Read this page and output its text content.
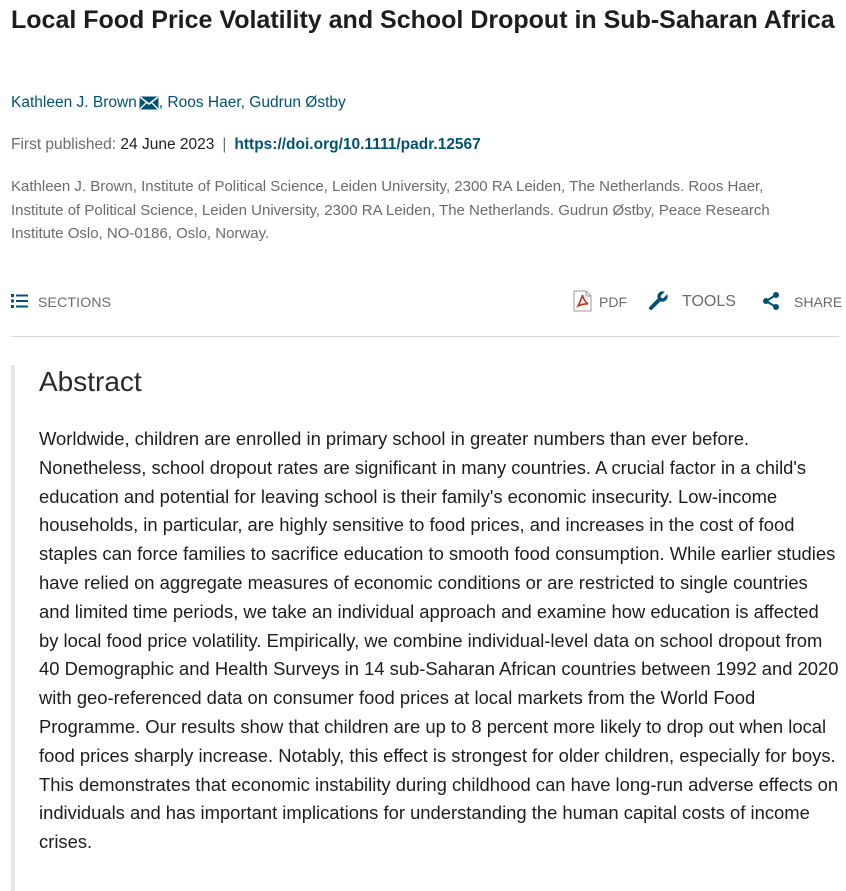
Local Food Price Volatility and School Dropout in Sub-Saharan Africa
Kathleen J. Brown , Roos Haer, Gudrun Østby
First published: 24 June 2023 | https://doi.org/10.1111/padr.12567

Kathleen J. Brown, Institute of Political Science, Leiden University, 2300 RA Leiden, The Netherlands. Roos Haer, Institute of Political Science, Leiden University, 2300 RA Leiden, The Netherlands. Gudrun Østby, Peace Research Institute Oslo, NO-0186, Oslo, Norway.

SECTIONS	PDF	TOOLS	SHARE
Abstract

Worldwide, children are enrolled in primary school in greater numbers than ever before. Nonetheless, school dropout rates are significant in many countries. A crucial factor in a child's education and potential for leaving school is their family's economic insecurity. Low-income households, in particular, are highly sensitive to food prices, and increases in the cost of food staples can force families to sacrifice education to smooth food consumption. While earlier studies have relied on aggregate measures of economic conditions or are restricted to single countries and limited time periods, we take an individual approach and examine how education is affected by local food price volatility. Empirically, we combine individual-level data on school dropout from 40 Demographic and Health Surveys in 14 sub-Saharan African countries between 1992 and 2020 with geo-referenced data on consumer food prices at local markets from the World Food Programme. Our results show that children are up to 8 percent more likely to drop out when local food prices sharply increase. Notably, this effect is strongest for older children, especially for boys. This demonstrates that economic instability during childhood can have long-run adverse effects on individuals and has important implications for understanding the human capital costs of income crises.
